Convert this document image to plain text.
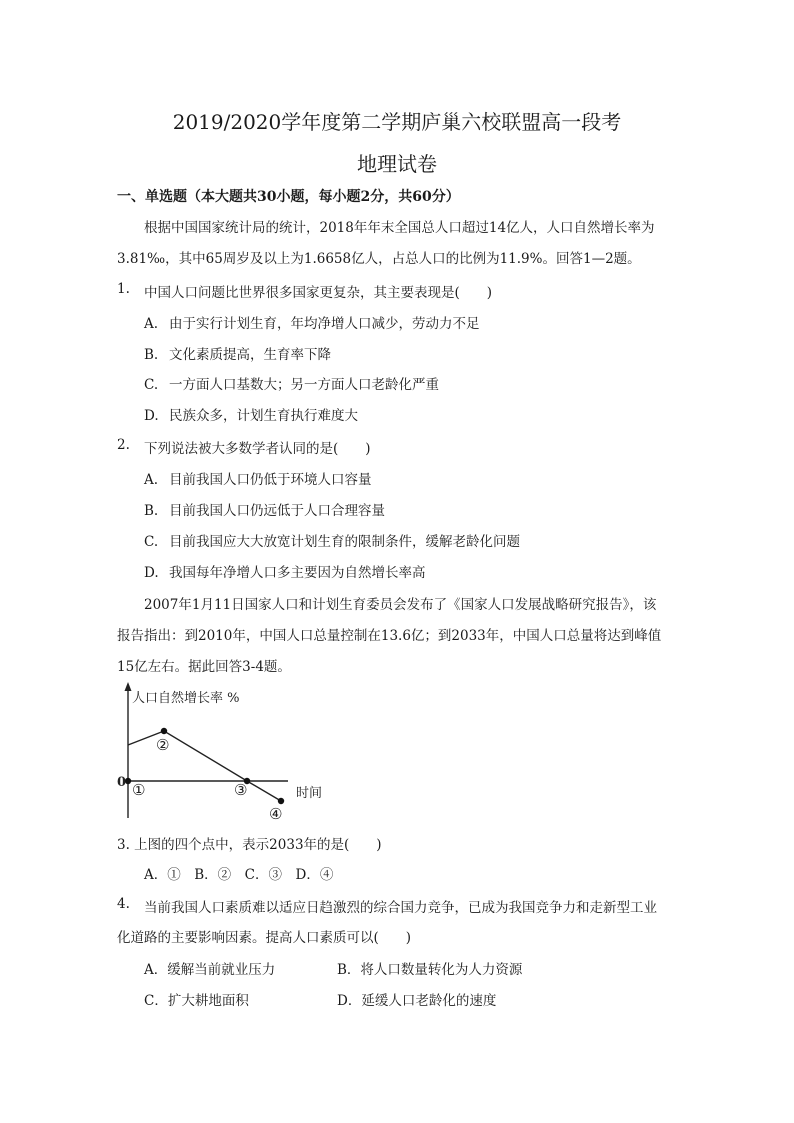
2019/2020学年度第二学期庐巢六校联盟高一段考
地理试卷
一、单选题（本大题共30小题，每小题2分，共60分）
根据中国国家统计局的统计，2018年年末全国总人口超过14亿人，人口自然增长率为
3.81‰，其中65周岁及以上为1.6658亿人，占总人口的比例为11.9%。回答1—2题。
1. 中国人口问题比世界很多国家更复杂，其主要表现是(　　)
A. 由于实行计划生育，年均净增人口减少，劳动力不足
B. 文化素质提高，生育率下降
C. 一方面人口基数大；另一方面人口老龄化严重
D. 民族众多，计划生育执行难度大
2. 下列说法被大多数学者认同的是(　　)
A. 目前我国人口仍低于环境人口容量
B. 目前我国人口仍远低于人口合理容量
C. 目前我国应大大放宽计划生育的限制条件，缓解老龄化问题
D. 我国每年净增人口多主要因为自然增长率高
2007年1月11日国家人口和计划生育委员会发布了《国家人口发展战略研究报告》，该
报告指出：到2010年，中国人口总量控制在13.6亿；到2033年，中国人口总量将达到峰值
15亿左右。据此回答3-4题。
人口自然增长率 %
0
时间
①
②
③
④
3. 上图的四个点中，表示2033年的是(　　)
A．①　B．②　C．③　D．④
4. 当前我国人口素质难以适应日趋激烈的综合国力竞争，已成为我国竞争力和走新型工业
化道路的主要影响因素。提高人口素质可以(　　)
A．缓解当前就业压力	B．将人口数量转化为人力资源
C．扩大耕地面积	D．延缓人口老龄化的速度
